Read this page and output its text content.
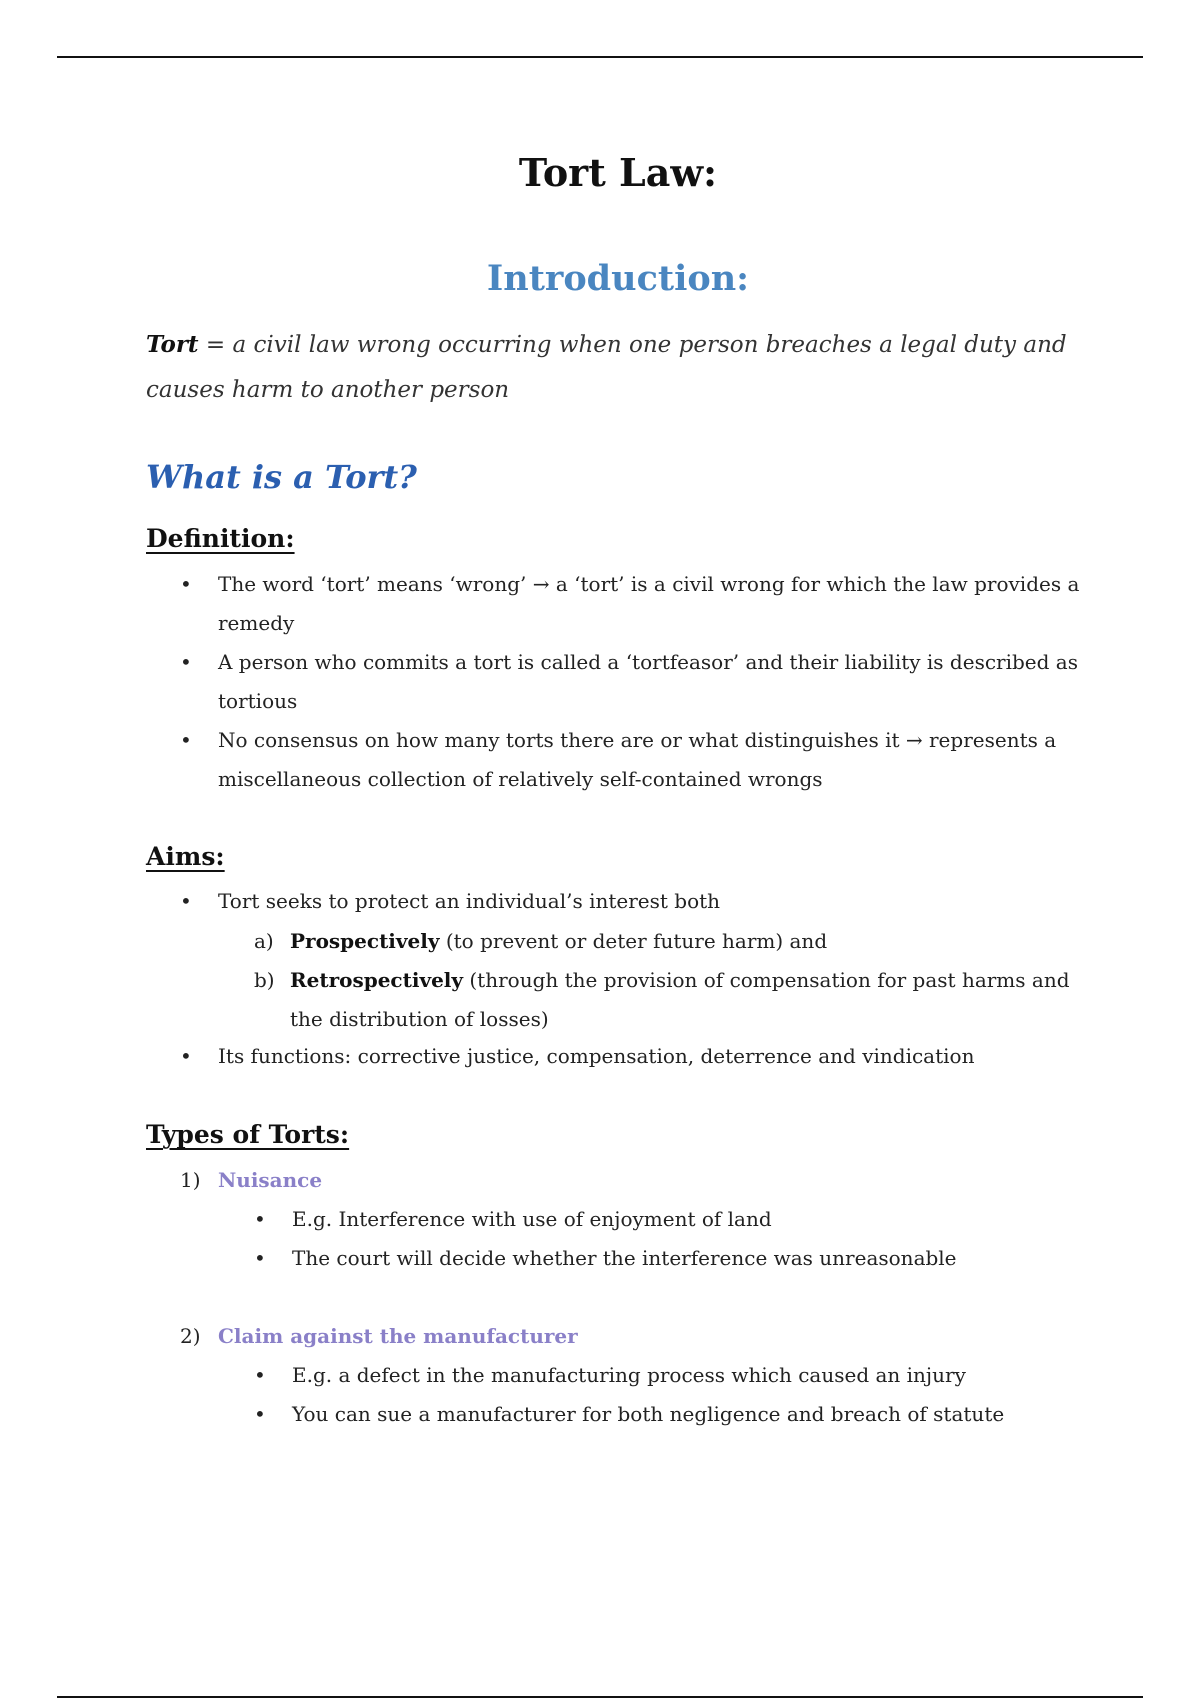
Tort Law:
Introduction:
Tort = a civil law wrong occurring when one person breaches a legal duty and causes harm to another person
What is a Tort?
Definition:
• The word ‘tort’ means ‘wrong’ → a ‘tort’ is a civil wrong for which the law provides a remedy
• A person who commits a tort is called a ‘tortfeasor’ and their liability is described as tortious
• No consensus on how many torts there are or what distinguishes it → represents a miscellaneous collection of relatively self-contained wrongs
Aims:
• Tort seeks to protect an individual’s interest both
a) Prospectively (to prevent or deter future harm) and
b) Retrospectively (through the provision of compensation for past harms and the distribution of losses)
• Its functions: corrective justice, compensation, deterrence and vindication
Types of Torts:
1) Nuisance
• E.g. Interference with use of enjoyment of land
• The court will decide whether the interference was unreasonable
2) Claim against the manufacturer
• E.g. a defect in the manufacturing process which caused an injury
• You can sue a manufacturer for both negligence and breach of statute
